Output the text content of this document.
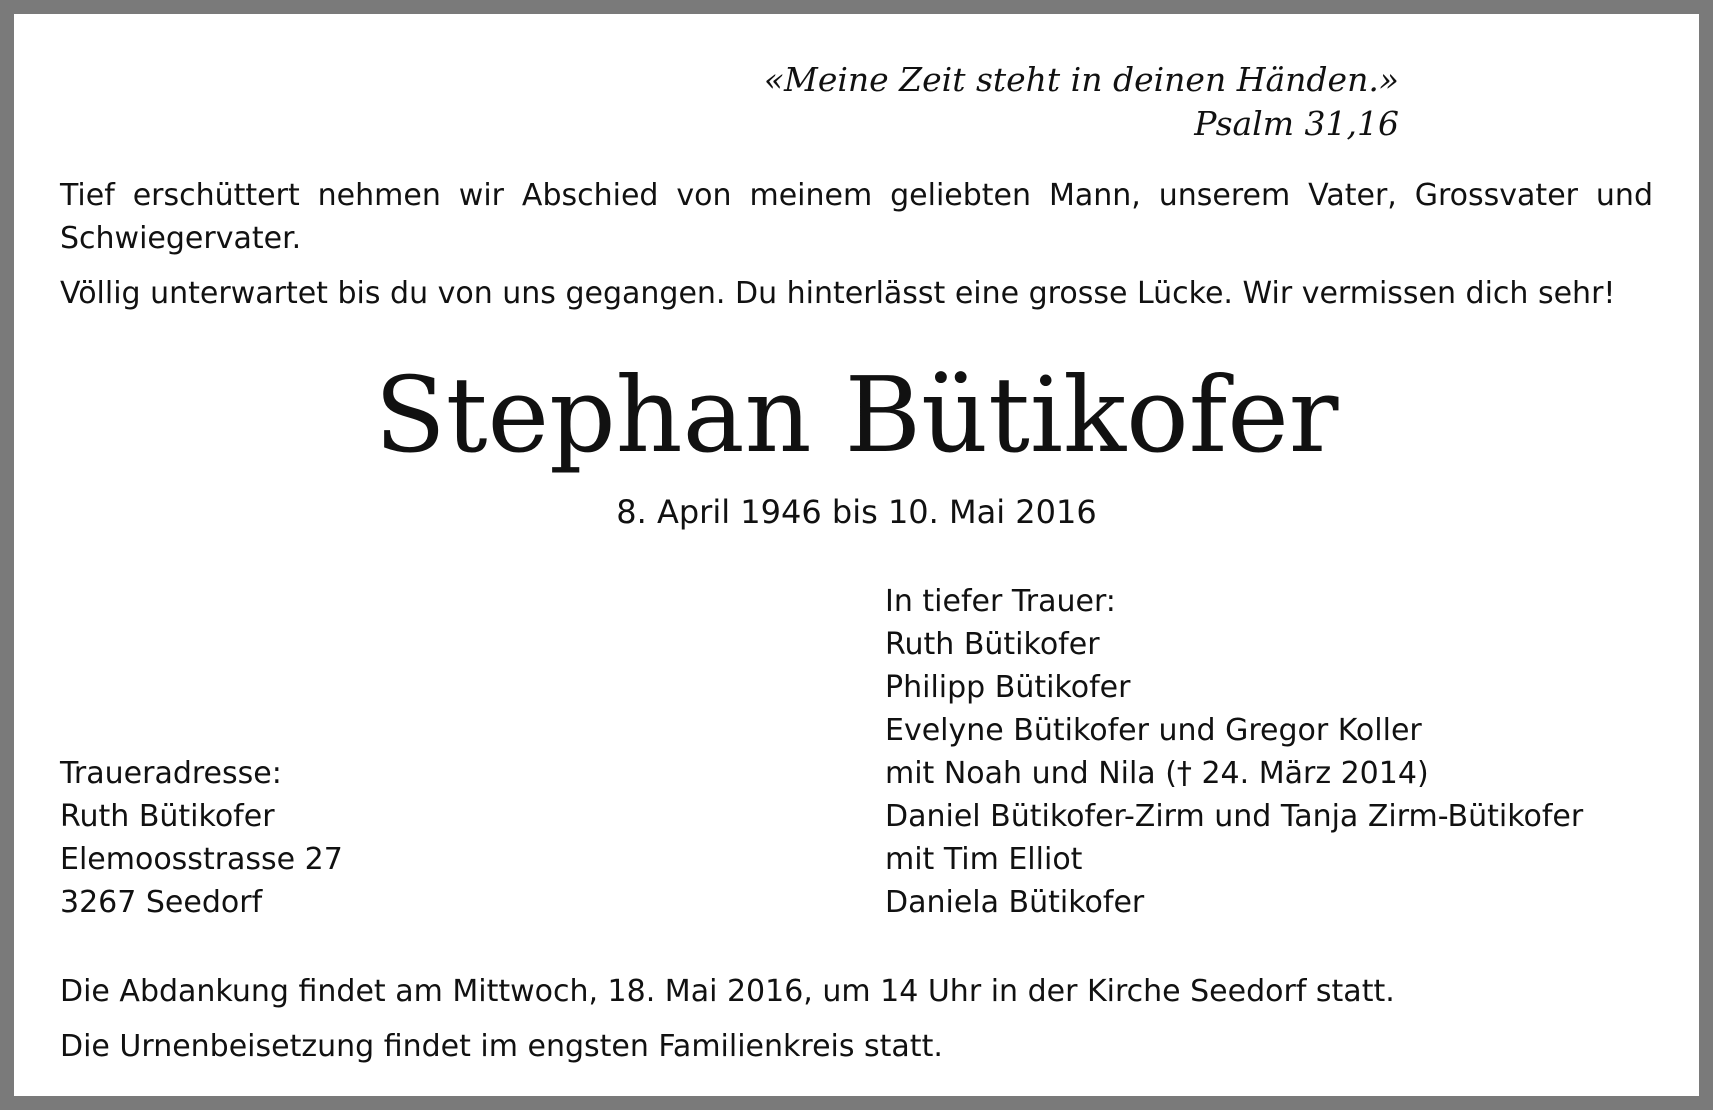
«Meine Zeit steht in deinen Händen.»
Psalm 31,16

Tief erschüttert nehmen wir Abschied von meinem geliebten Mann, unserem Vater, Grossvater und Schwiegervater.

Völlig unterwartet bis du von uns gegangen. Du hinterlässt eine grosse Lücke. Wir vermissen dich sehr!

Stephan Bütikofer
8. April 1946 bis 10. Mai 2016
In tiefer Trauer:
Ruth Bütikofer
Philipp Bütikofer
Evelyne Bütikofer und Gregor Koller
mit Noah und Nila († 24. März 2014)
Daniel Bütikofer-Zirm und Tanja Zirm-Bütikofer
mit Tim Elliot
Daniela Bütikofer
Traueradresse:
Ruth Bütikofer
Elemoosstrasse 27
3267 Seedorf
Die Abdankung findet am Mittwoch, 18. Mai 2016, um 14 Uhr in der Kirche Seedorf statt.
Die Urnenbeisetzung findet im engsten Familienkreis statt.
